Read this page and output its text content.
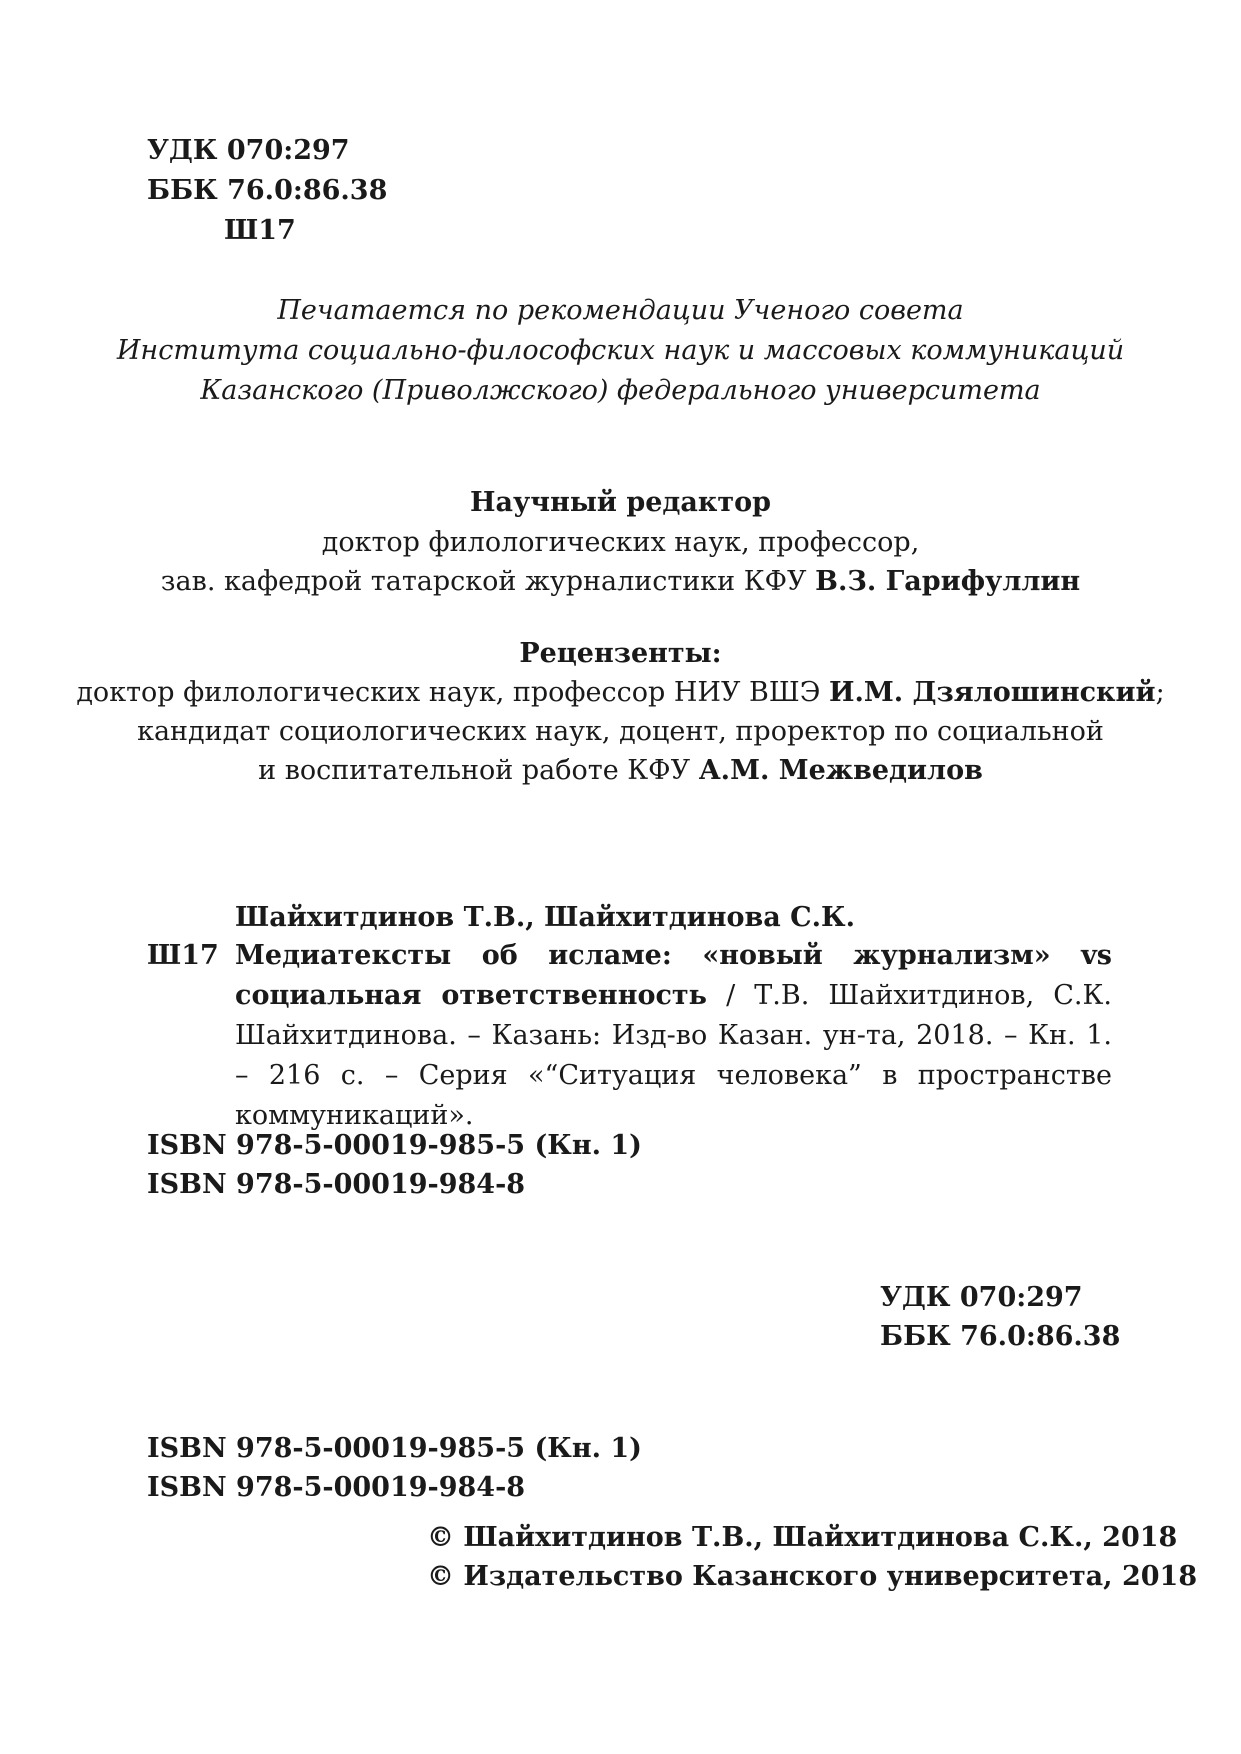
УДК 070:297
ББК 76.0:86.38
Ш17
Печатается по рекомендации Ученого совета
Института социально-философских наук и массовых коммуникаций
Казанского (Приволжского) федерального университета
Научный редактор
доктор филологических наук, профессор,
зав. кафедрой татарской журналистики КФУ В.З. Гарифуллин
Рецензенты:
доктор филологических наук, профессор НИУ ВШЭ И.М. Дзялошинский;
кандидат социологических наук, доцент, проректор по социальной
и воспитательной работе КФУ А.М. Межведилов
Шайхитдинов Т.В., Шайхитдинова С.К.
Ш17 Медиатексты об исламе: «новый журнализм» vs социальная ответственность / Т.В. Шайхитдинов, С.К. Шайхитдинова. – Казань: Изд-во Казан. ун-та, 2018. – Кн. 1. – 216 с. – Серия «“Ситуация человека” в пространстве коммуникаций».
ISBN 978-5-00019-985-5 (Кн. 1)
ISBN 978-5-00019-984-8
УДК 070:297
ББК 76.0:86.38
ISBN 978-5-00019-985-5 (Кн. 1)
ISBN 978-5-00019-984-8
© Шайхитдинов Т.В., Шайхитдинова С.К., 2018
© Издательство Казанского университета, 2018
